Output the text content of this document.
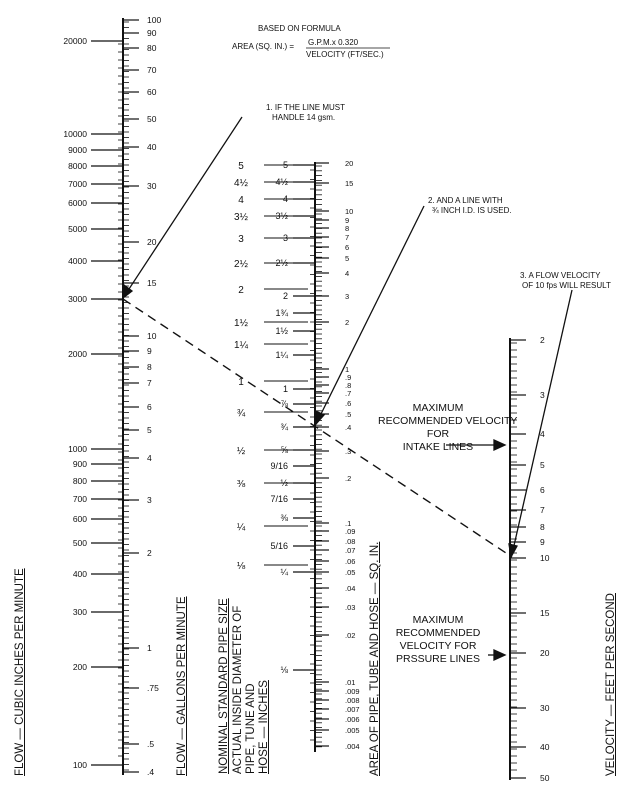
20000
10000
9000
8000
7000
6000
5000
4000
3000
2000
1000
900
800
700
600
500
400
300
200
100
100
90
80
70
60
50
40
30
20
15
10
9
8
7
6
5
4
3
2
1
.75
.5
.4
5
4½
4
3½
3
2½
2
1½
1¼
1
¾
½
⅜
¼
⅛
5
4½
4
3½
3
2½
2
1¾
1½
1¼
1
⅞
¾
⅝
9/16
½
7/16
⅜
5/16
¼
⅛
20
15
10
9
8
7
6
5
4
3
2
1
.9
.8
.7
.6
.5
.4
.3
.2
.1
.09
.08
.07
.06
.05
.04
.03
.02
.01
.009
.008
.007
.006
.005
.004
2
3
4
5
6
7
8
9
10
15
20
30
40
50
BASED ON FORMULA
AREA (SQ. IN.) = G.P.M.x 0.320
VELOCITY (FT/SEC.)
1. IF THE LINE MUST
HANDLE 14 gsm.
2. AND A LINE WITH
¾ INCH I.D. IS USED.
3. A FLOW VELOCITY
OF 10 fps WILL RESULT
MAXIMUM
RECOMMENDED VELOCITY
FOR
INTAKE LINES
MAXIMUM
RECOMMENDED
VELOCITY FOR
PRSSURE LINES
FLOW — CUBIC INCHES PER MINUTE	FLOW — GALLONS PER MINUTE	NOMINAL STANDARD PIPE SIZE ACTUAL INSIDE DIAMETER OF PIPE, TUNE AND HOSE — INCHES	AREA OF PIPE, TUBE AND HOSE — SQ. IN.	VELOCITY — FEET PER SECOND
